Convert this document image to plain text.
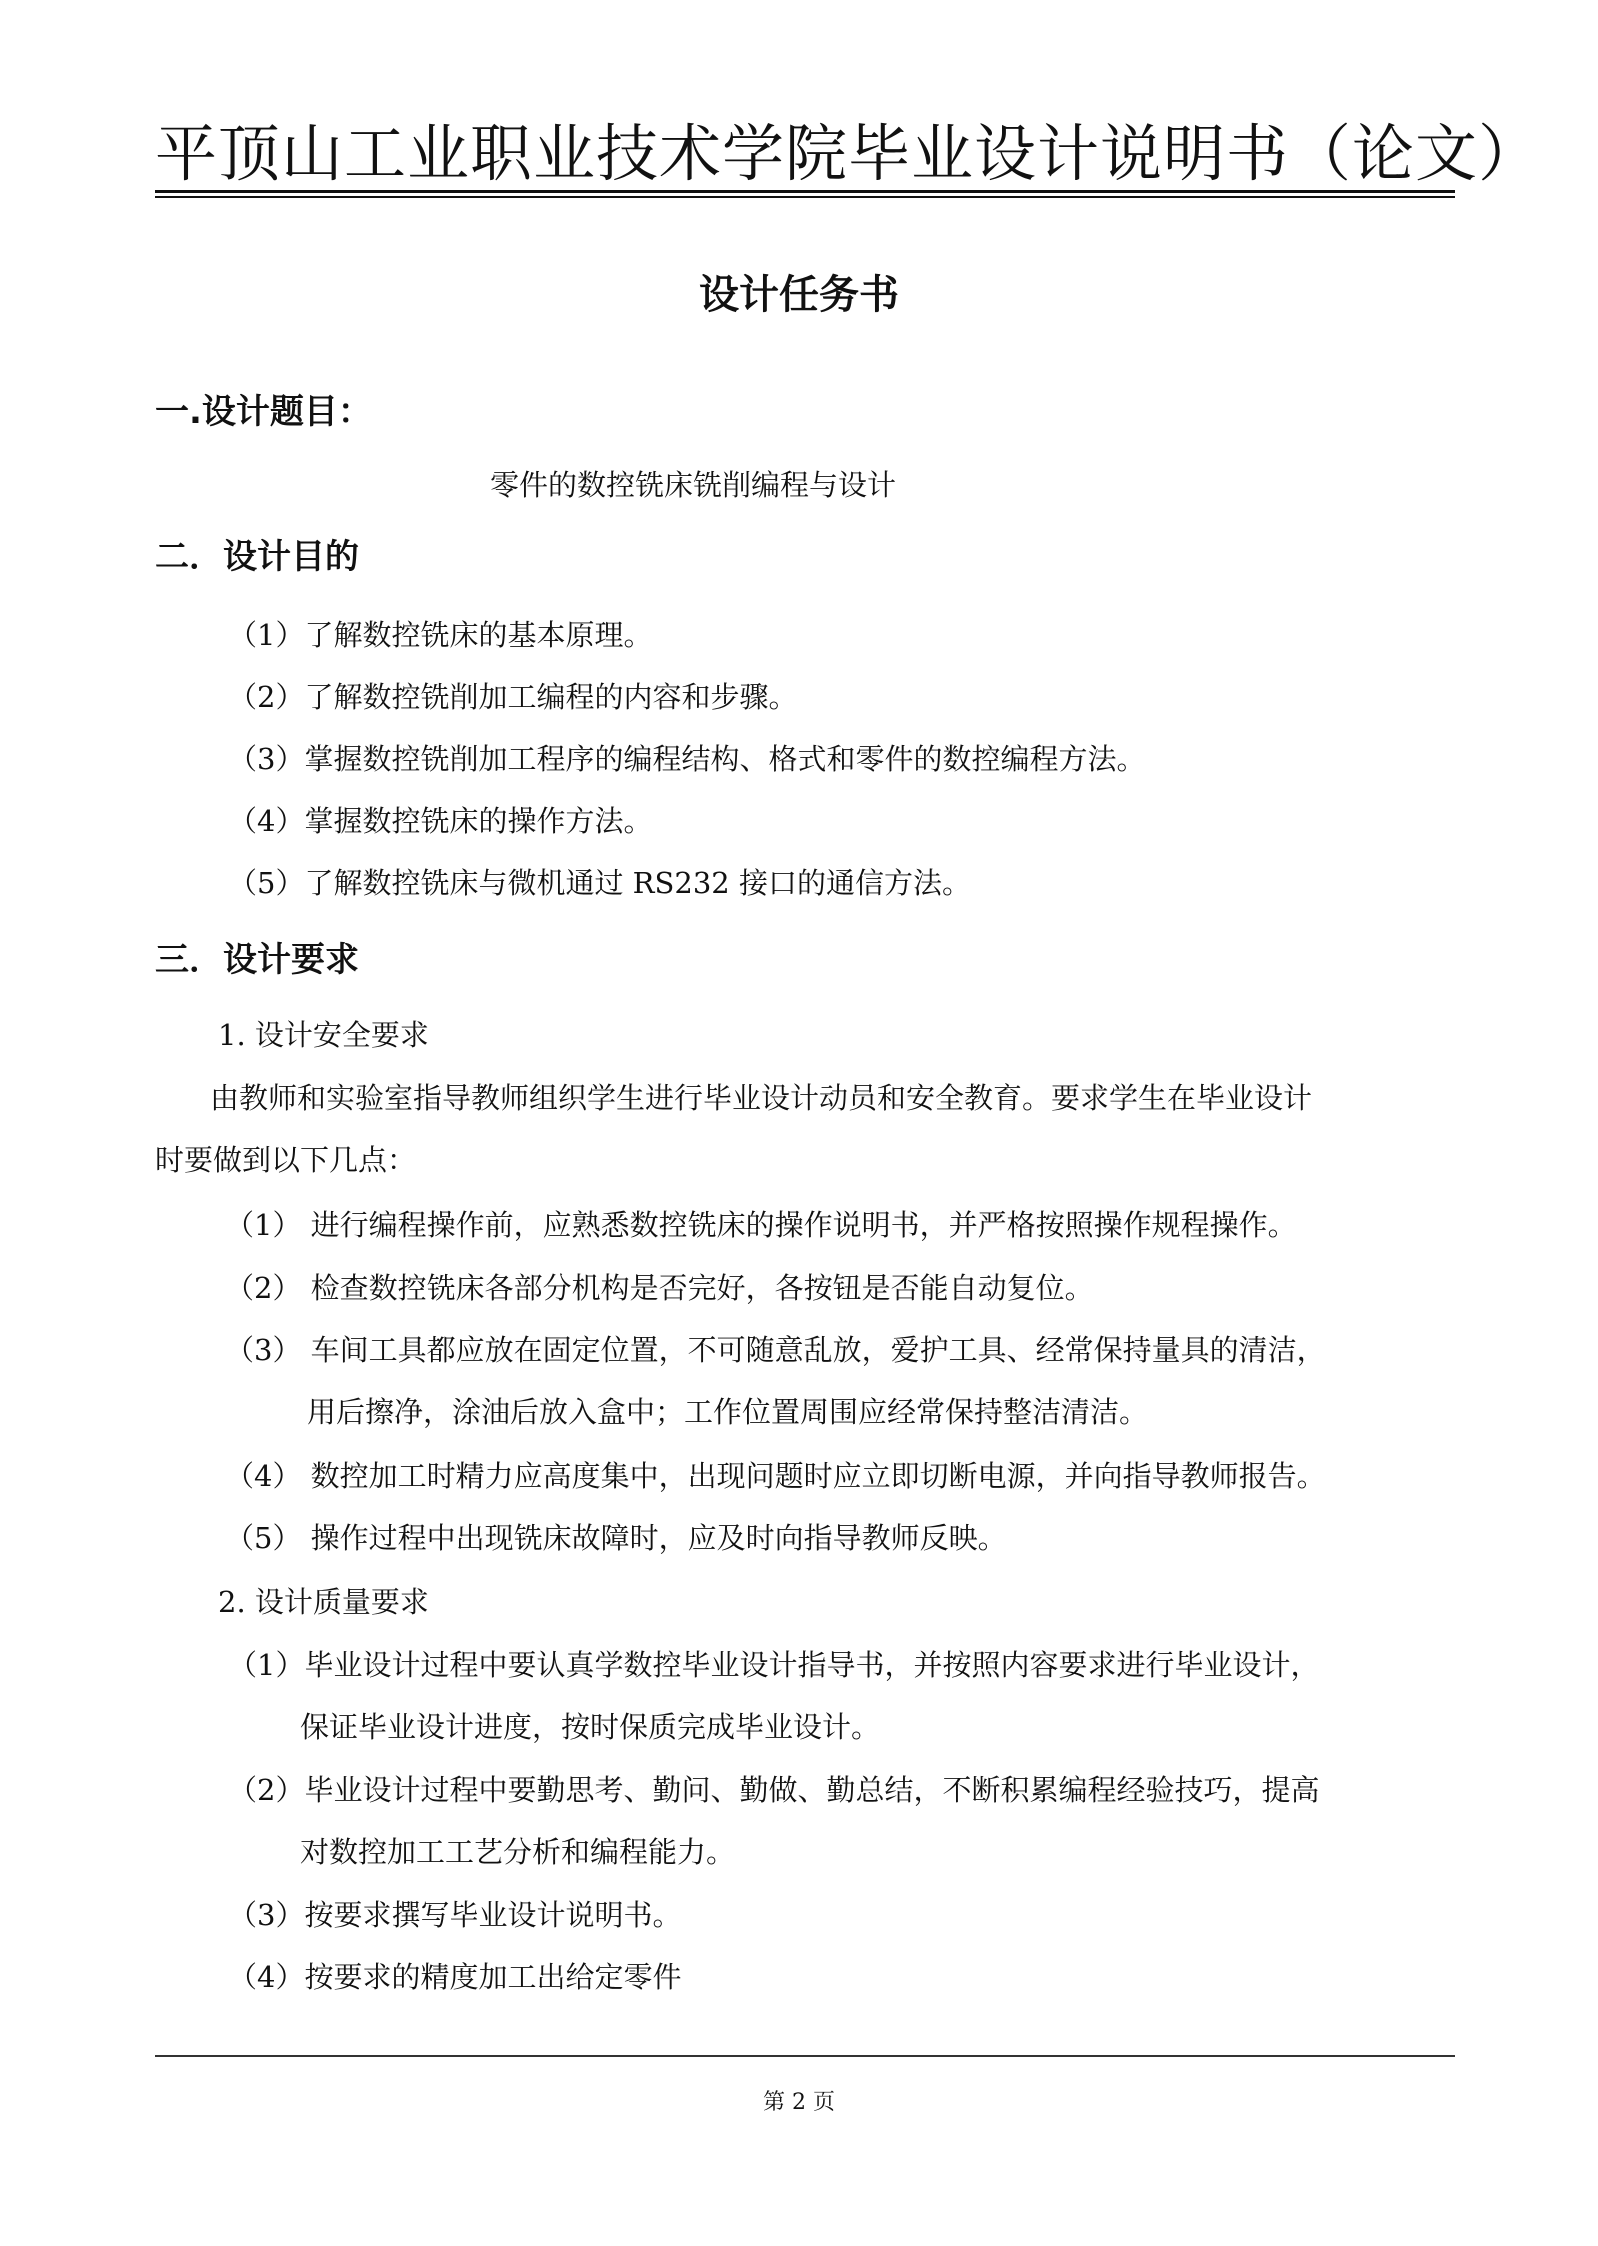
平顶山工业职业技术学院毕业设计说明书（论文）
设计任务书
一.设计题目：
零件的数控铣床铣削编程与设计
二．设计目的
（1）了解数控铣床的基本原理。
（2）了解数控铣削加工编程的内容和步骤。
（3）掌握数控铣削加工程序的编程结构、格式和零件的数控编程方法。
（4）掌握数控铣床的操作方法。
（5）了解数控铣床与微机通过 RS232 接口的通信方法。
三．设计要求
1. 设计安全要求
由教师和实验室指导教师组织学生进行毕业设计动员和安全教育。要求学生在毕业设计
时要做到以下几点：
（1） 进行编程操作前，应熟悉数控铣床的操作说明书，并严格按照操作规程操作。
（2） 检查数控铣床各部分机构是否完好，各按钮是否能自动复位。
（3） 车间工具都应放在固定位置，不可随意乱放，爱护工具、经常保持量具的清洁，
用后擦净，涂油后放入盒中；工作位置周围应经常保持整洁清洁。
（4） 数控加工时精力应高度集中，出现问题时应立即切断电源，并向指导教师报告。
（5） 操作过程中出现铣床故障时，应及时向指导教师反映。
2. 设计质量要求
（1）毕业设计过程中要认真学数控毕业设计指导书，并按照内容要求进行毕业设计，
保证毕业设计进度，按时保质完成毕业设计。
（2）毕业设计过程中要勤思考、勤问、勤做、勤总结，不断积累编程经验技巧，提高
对数控加工工艺分析和编程能力。
（3）按要求撰写毕业设计说明书。
（4）按要求的精度加工出给定零件
第 2 页
